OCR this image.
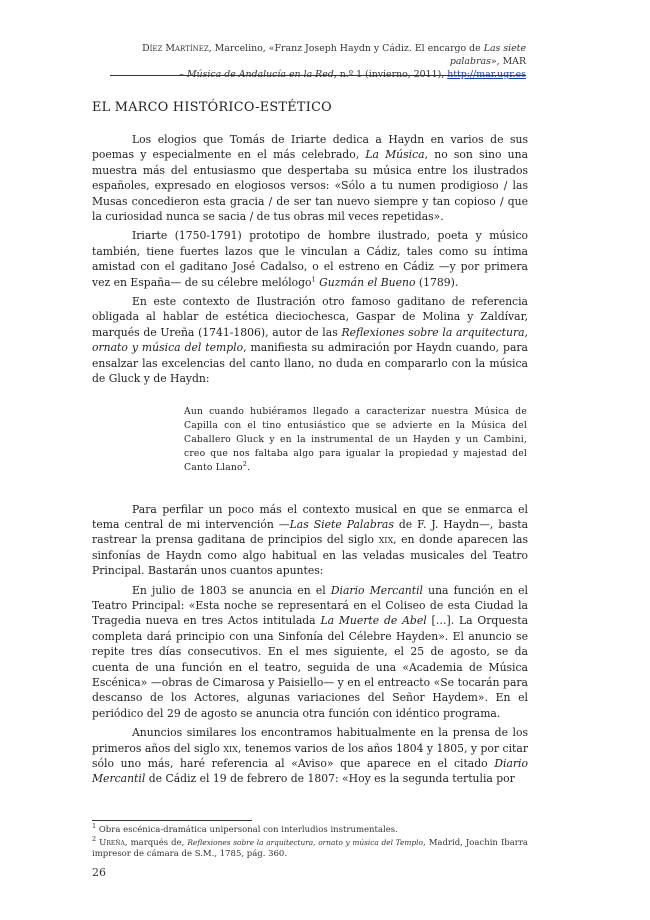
Díez Martínez, Marcelino, «Franz Joseph Haydn y Cádiz. El encargo de Las siete palabras», MAR
– Música de Andalucía en la Red, n.º 1 (invierno, 2011), http://mar.ugr.es
EL MARCO HISTÓRICO-ESTÉTICO

Los elogios que Tomás de Iriarte dedica a Haydn en varios de sus poemas y especialmente en el más celebrado, La Música, no son sino una muestra más del entusiasmo que despertaba su música entre los ilustrados españoles, expresado en elogiosos versos: «Sólo a tu numen prodigioso / las Musas concedieron esta gracia / de ser tan nuevo siempre y tan copioso / que la curiosidad nunca se sacia / de tus obras mil veces repetidas».

Iriarte (1750-1791) prototipo de hombre ilustrado, poeta y músico también, tiene fuertes lazos que le vinculan a Cádiz, tales como su íntima amistad con el gaditano José Cadalso, o el estreno en Cádiz —y por primera vez en España— de su célebre melólogo$^1$ Guzmán el Bueno (1789).

En este contexto de Ilustración otro famoso gaditano de referencia obligada al hablar de estética dieciochesca, Gaspar de Molina y Zaldívar, marqués de Ureña (1741-1806), autor de las Reflexiones sobre la arquitectura, ornato y música del templo, manifiesta su admiración por Haydn cuando, para ensalzar las excelencias del canto llano, no duda en compararlo con la música de Gluck y de Haydn:

Aun cuando hubiéramos llegado a caracterizar nuestra Música de Capilla con el tino entusiástico que se advierte en la Música del Caballero Gluck y en la instrumental de un Hayden y un Cambini, creo que nos faltaba algo para igualar la propiedad y majestad del Canto Llano$^2$.

Para perfilar un poco más el contexto musical en que se enmarca el tema central de mi intervención —Las Siete Palabras de F. J. Haydn—, basta rastrear la prensa gaditana de principios del siglo xix, en donde aparecen las sinfonías de Haydn como algo habitual en las veladas musicales del Teatro Principal. Bastarán unos cuantos apuntes:

En julio de 1803 se anuncia en el Diario Mercantil una función en el Teatro Principal: «Esta noche se representará en el Coliseo de esta Ciudad la Tragedia nueva en tres Actos intitulada La Muerte de Abel […]. La Orquesta completa dará principio con una Sinfonía del Célebre Hayden». El anuncio se repite tres días consecutivos. En el mes siguiente, el 25 de agosto, se da cuenta de una función en el teatro, seguida de una «Academia de Música Escénica» —obras de Cimarosa y Paisiello— y en el entreacto «Se tocarán para descanso de los Actores, algunas variaciones del Señor Haydem». En el periódico del 29 de agosto se anuncia otra función con idéntico programa.

Anuncios similares los encontramos habitualmente en la prensa de los primeros años del siglo xix, tenemos varios de los años 1804 y 1805, y por citar sólo uno más, haré referencia al «Aviso» que aparece en el citado Diario Mercantil de Cádiz el 19 de febrero de 1807: «Hoy es la segunda tertulia por

$^1$ Obra escénica-dramática unipersonal con interludios instrumentales.

$^2$ Ureña, marqués de, Reflexiones sobre la arquitectura, ornato y música del Templo, Madrid, Joachin Ibarra impresor de cámara de S.M., 1785, pág. 360.

26
